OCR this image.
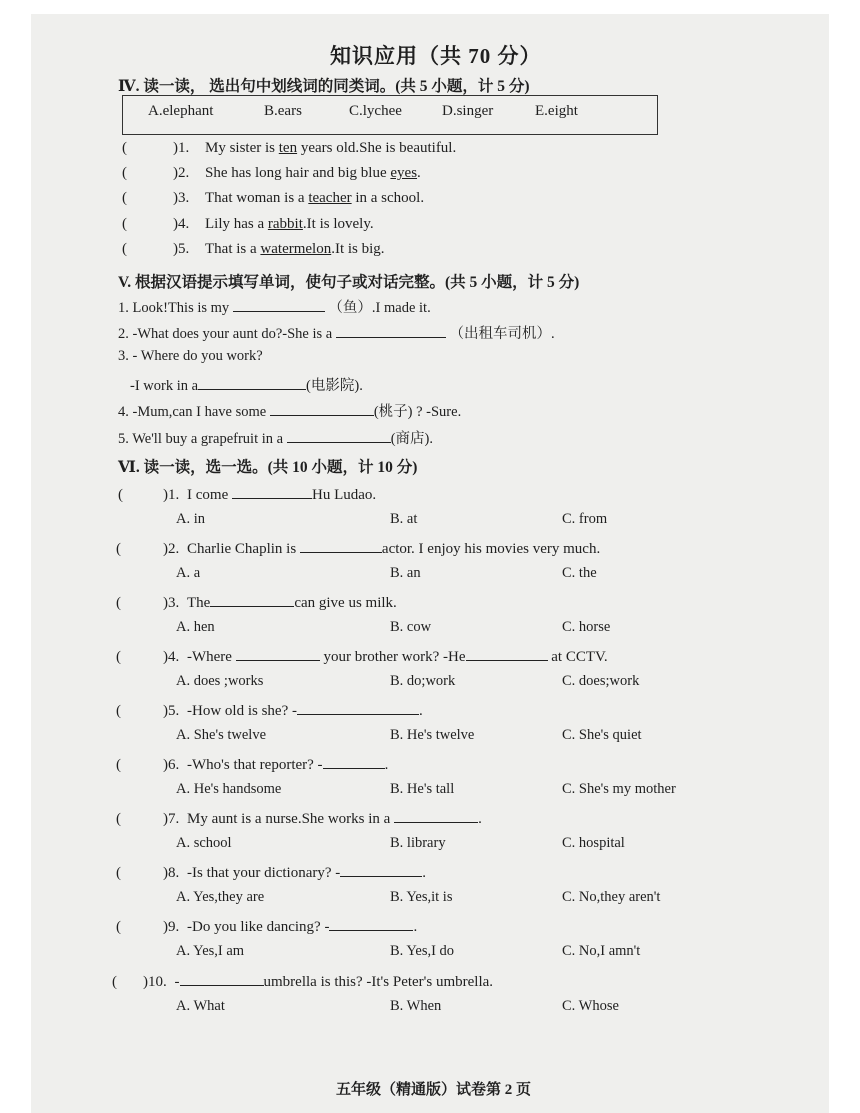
知识应用（共 70 分）
Ⅳ. 读一读， 选出句中划线词的同类词。(共 5 小题，计 5 分)
A.elephant	B.ears	C.lychee	D.singer	E.eight
(	)1. My sister is ten years old.She is beautiful.
(	)2. She has long hair and big blue eyes.
(	)3. That woman is a teacher in a school.
(	)4. Lily has a rabbit.It is lovely.
(	)5. That is a watermelon.It is big.
V. 根据汉语提示填写单词，使句子或对话完整。(共 5 小题，计 5 分)
1. Look!This is my	（鱼）.I made it.
2. -What does your aunt do?-She is a	（出租车司机）.
3. - Where do you work?
-I work in a	(电影院).
4. -Mum,can I have some	(桃子) ? -Sure.
5. We'll buy a grapefruit in a	(商店).
Ⅵ. 读一读，选一选。(共 10 小题，计 10 分)
(	)1. I come	Hu Ludao.
A. in	B. at	C. from
(	)2. Charlie Chaplin is	actor. I enjoy his movies very much.
A. a	B. an	C. the
(	)3. The	can give us milk.
A. hen	B. cow	C. horse
(	)4. -Where	your brother work? -He	at CCTV.
A. does ;works	B. do;work	C. does;work
(	)5. -How old is she? -	.
A. She's twelve	B. He's twelve	C. She's quiet
(	)6. -Who's that reporter? -	.
A. He's handsome	B. He's tall	C. She's my mother
(	)7. My aunt is a nurse.She works in a	.
A. school	B. library	C. hospital
(	)8. -Is that your dictionary? -	.
A. Yes,they are	B. Yes,it is	C. No,they aren't
(	)9. -Do you like dancing? -	.
A. Yes,I am	B. Yes,I do	C. No,I amn't
( )10. -	umbrella is this? -It's Peter's umbrella.
A. What	B. When	C. Whose
五年级（精通版）试卷第 2 页
